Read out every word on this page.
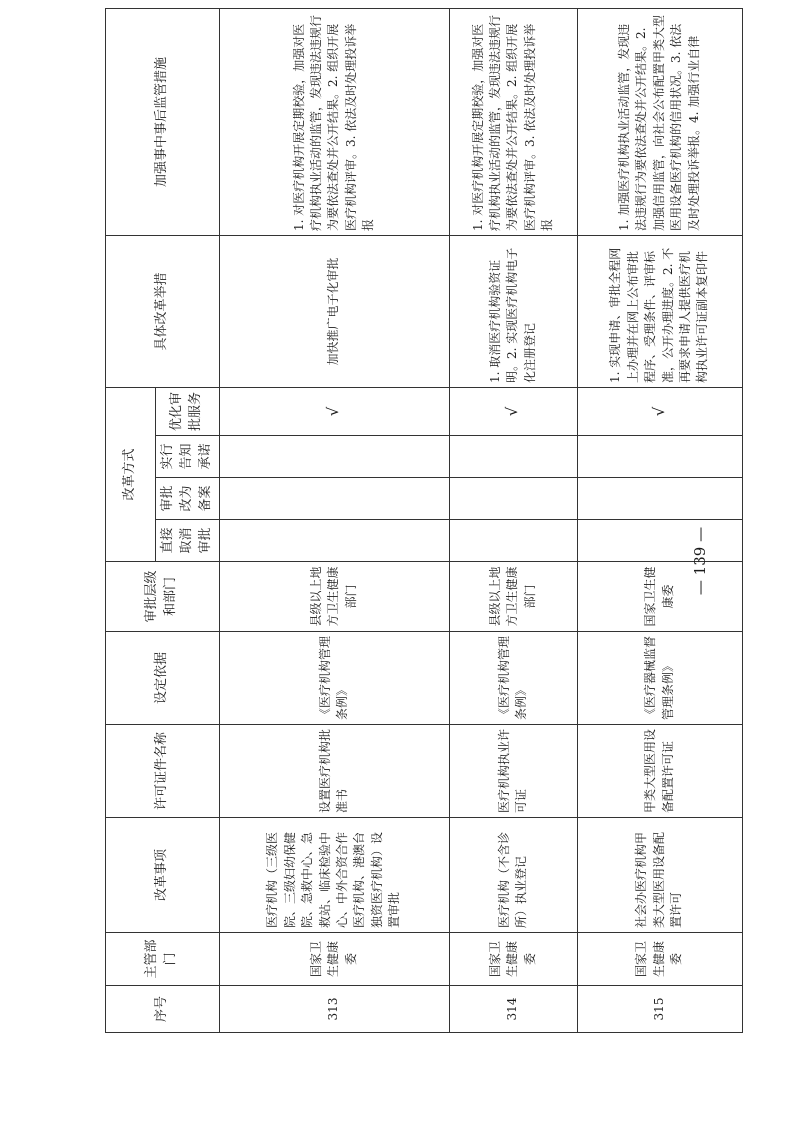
序号	主管部门	改革事项	许可证件名称	设定依据	审批层级和部门	改革方式				具体改革举措	加强事中事后监管措施
						直接取消审批	审批改为备案	实行告知承诺	优化审批服务		
313	国家卫生健康委	医疗机构（三级医院、三级妇幼保健院、急救中心、急救站、临床检验中心、中外合资合作医疗机构、港澳台独资医疗机构）设置审批	设置医疗机构批准书	《医疗机构管理条例》	县级以上地方卫生健康部门				√	加快推广电子化审批	1. 对医疗机构开展定期校验，加强对医疗机构执业活动的监管，发现违法违规行为要依法查处并公开结果。2. 组织开展医疗机构评审。3. 依法及时处理投诉举报
314	国家卫生健康委	医疗机构（不含诊所）执业登记	医疗机构执业许可证	《医疗机构管理条例》	县级以上地方卫生健康部门				√	1. 取消医疗机构验资证明。2. 实现医疗机构电子化注册登记	1. 对医疗机构开展定期校验，加强对医疗机构执业活动的监管，发现违法违规行为要依法查处并公开结果。2. 组织开展医疗机构评审。3. 依法及时处理投诉举报
315	国家卫生健康委	社会办医疗机构甲类大型医用设备配置许可	甲类大型医用设备配置许可证	《医疗器械监督管理条例》	国家卫生健康委				√	1. 实现申请、审批全程网上办理并在网上公布审批程序、受理条件、评审标准，公开办理进度。2. 不再要求申请人提供医疗机构执业许可证副本复印件	1. 加强医疗机构执业活动监管，发现违法违规行为要依法查处并公开结果。2. 加强信用监管，向社会公布配置甲类大型医用设备医疗机构的信用状况。3. 依法及时处理投诉举报。4. 加强行业自律
— 139 —
